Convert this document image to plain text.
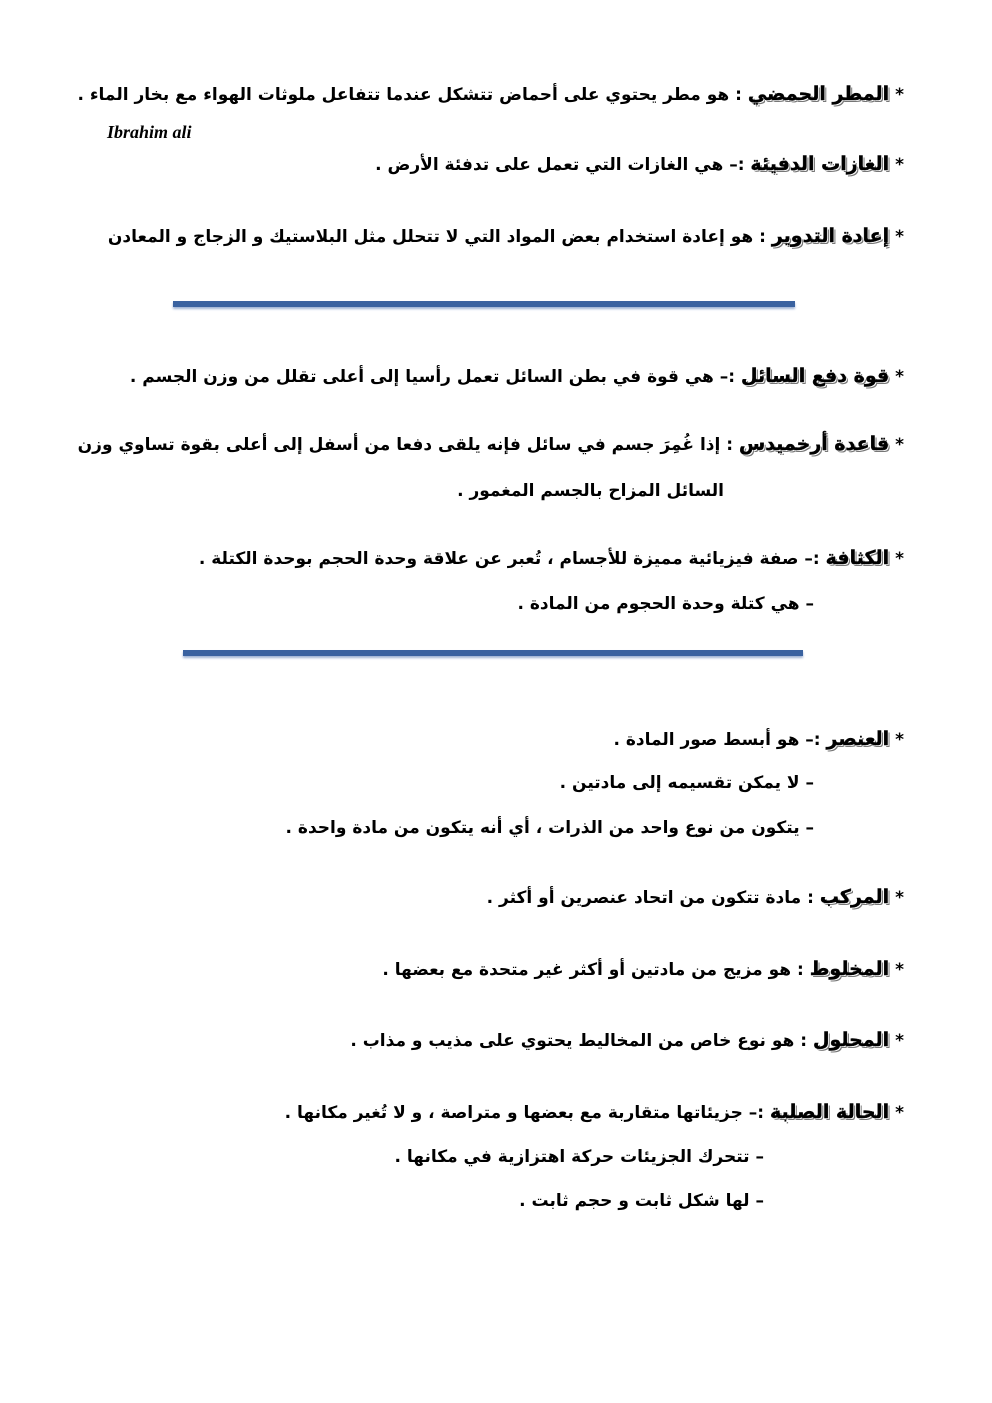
* المطر الحمضي : هو مطر يحتوي على أحماض تتشكل عندما تتفاعل ملوثات الهواء مع بخار الماء .
Ibrahim ali
* الغازات الدفيئة :– هي الغازات التي تعمل على تدفئة الأرض .
* إعادة التدوير : هو إعادة استخدام بعض المواد التي لا تتحلل مثل البلاستيك و الزجاج و المعادن
* قوة دفع السائل :– هي قوة في بطن السائل تعمل رأسيا إلى أعلى تقلل من وزن الجسم .
* قاعدة أرخميدس : إذا غُمِرَ جسم في سائل فإنه يلقى دفعا من أسفل إلى أعلى بقوة تساوي وزن
السائل المزاح بالجسم المغمور .
* الكثافة :– صفة فيزيائية مميزة للأجسام ، تُعبر عن علاقة وحدة الحجم بوحدة الكتلة .
– هي كتلة وحدة الحجوم من المادة .
* العنصر :– هو أبسط صور المادة .
– لا يمكن تقسيمه إلى مادتين .
– يتكون من نوع واحد من الذرات ، أي أنه يتكون من مادة واحدة .
* المركب : مادة تتكون من اتحاد عنصرين أو أكثر .
* المخلوط : هو مزيج من مادتين أو أكثر غير متحدة مع بعضها .
* المحلول : هو نوع خاص من المخاليط يحتوي على مذيب و مذاب .
* الحالة الصلبة :– جزيئاتها متقاربة مع بعضها و متراصة ، و لا تُغير مكانها .
– تتحرك الجزيئات حركة اهتزازية في مكانها .
– لها شكل ثابت و حجم ثابت .
